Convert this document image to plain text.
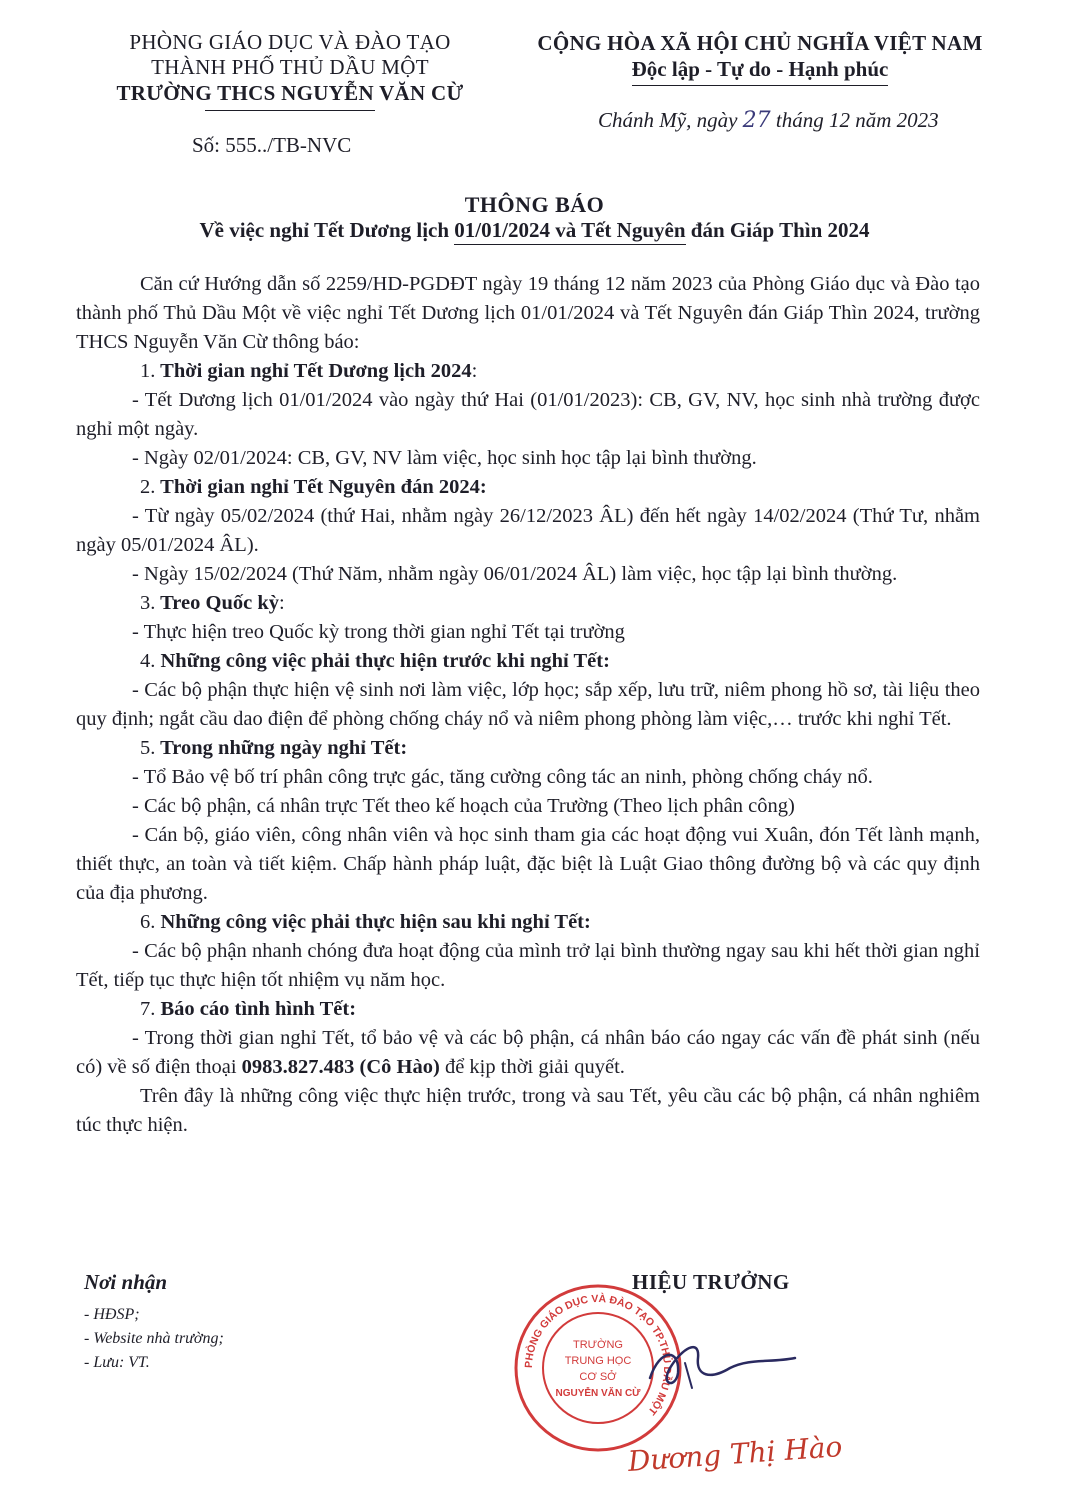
PHÒNG GIÁO DỤC VÀ ĐÀO TẠO
THÀNH PHỐ THỦ DẦU MỘT
TRƯỜNG THCS NGUYỄN VĂN CỪ
Số: 555../TB-NVC
CỘNG HÒA XÃ HỘI CHỦ NGHĨA VIỆT NAM
Độc lập - Tự do - Hạnh phúc
Chánh Mỹ, ngày 27 tháng 12 năm 2023
THÔNG BÁO
Về việc nghỉ Tết Dương lịch 01/01/2024 và Tết Nguyên đán Giáp Thìn 2024

Căn cứ Hướng dẫn số 2259/HD-PGDĐT ngày 19 tháng 12 năm 2023 của Phòng Giáo dục và Đào tạo thành phố Thủ Dầu Một về việc nghỉ Tết Dương lịch 01/01/2024 và Tết Nguyên đán Giáp Thìn 2024, trường THCS Nguyễn Văn Cừ thông báo:

1. Thời gian nghỉ Tết Dương lịch 2024:

- Tết Dương lịch 01/01/2024 vào ngày thứ Hai (01/01/2023): CB, GV, NV, học sinh nhà trường được nghỉ một ngày.

- Ngày 02/01/2024: CB, GV, NV làm việc, học sinh học tập lại bình thường.

2. Thời gian nghỉ Tết Nguyên đán 2024:

- Từ ngày 05/02/2024 (thứ Hai, nhằm ngày 26/12/2023 ÂL) đến hết ngày 14/02/2024 (Thứ Tư, nhằm ngày 05/01/2024 ÂL).

- Ngày 15/02/2024 (Thứ Năm, nhằm ngày 06/01/2024 ÂL) làm việc, học tập lại bình thường.

3. Treo Quốc kỳ:

- Thực hiện treo Quốc kỳ trong thời gian nghỉ Tết tại trường

4. Những công việc phải thực hiện trước khi nghỉ Tết:

- Các bộ phận thực hiện vệ sinh nơi làm việc, lớp học; sắp xếp, lưu trữ, niêm phong hồ sơ, tài liệu theo quy định; ngắt cầu dao điện để phòng chống cháy nổ và niêm phong phòng làm việc,… trước khi nghỉ Tết.

5. Trong những ngày nghỉ Tết:

- Tổ Bảo vệ bố trí phân công trực gác, tăng cường công tác an ninh, phòng chống cháy nổ.

- Các bộ phận, cá nhân trực Tết theo kế hoạch của Trường (Theo lịch phân công)

- Cán bộ, giáo viên, công nhân viên và học sinh tham gia các hoạt động vui Xuân, đón Tết lành mạnh, thiết thực, an toàn và tiết kiệm. Chấp hành pháp luật, đặc biệt là Luật Giao thông đường bộ và các quy định của địa phương.

6. Những công việc phải thực hiện sau khi nghỉ Tết:

- Các bộ phận nhanh chóng đưa hoạt động của mình trở lại bình thường ngay sau khi hết thời gian nghỉ Tết, tiếp tục thực hiện tốt nhiệm vụ năm học.

7. Báo cáo tình hình Tết:

- Trong thời gian nghỉ Tết, tổ bảo vệ và các bộ phận, cá nhân báo cáo ngay các vấn đề phát sinh (nếu có) về số điện thoại 0983.827.483 (Cô Hào) để kịp thời giải quyết.

Trên đây là những công việc thực hiện trước, trong và sau Tết, yêu cầu các bộ phận, cá nhân nghiêm túc thực hiện.

Nơi nhận
- HĐSP;
- Website nhà trường;
- Lưu: VT.
HIỆU TRƯỞNG
PHÒNG GIÁO DỤC VÀ ĐÀO TẠO TP.THỦ DẦU MỘT
TRƯỜNG
TRUNG HỌC
CƠ SỞ
NGUYỄN VĂN CỪ
Dương Thị Hào
